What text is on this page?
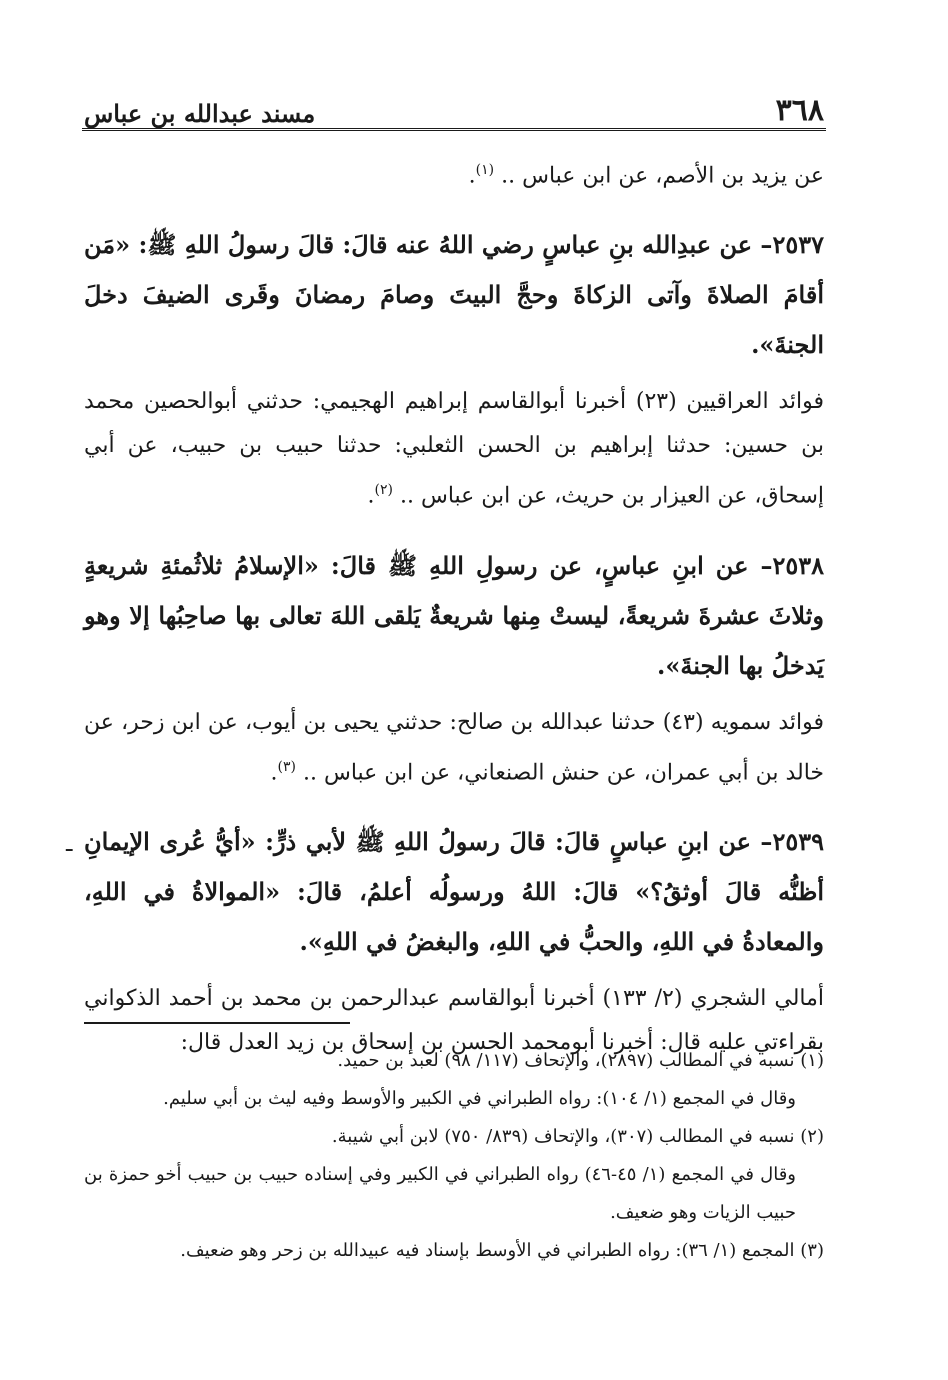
٣٦٨
مسند عبدالله بن عباس

عن يزيد بن الأصم، عن ابن عباس .. $^{(١)}$.

٢٥٣٧– عن عبدِالله بنِ عباسٍ رضي اللهُ عنه قالَ: قالَ رسولُ اللهِ ﷺ: «مَن أقامَ الصلاةَ وآتى الزكاةَ وحجَّ البيتَ وصامَ رمضانَ وقَرى الضيفَ دخلَ الجنةَ».

فوائد العراقيين (٢٣) أخبرنا أبوالقاسم إبراهيم الهجيمي: حدثني أبوالحصين محمد بن حسين: حدثنا إبراهيم بن الحسن الثعلبي: حدثنا حبيب بن حبيب، عن أبي إسحاق، عن العيزار بن حريث، عن ابن عباس .. $^{(٢)}$.

٢٥٣٨– عن ابنِ عباسٍ، عن رسولِ اللهِ ﷺ قالَ: «الإسلامُ ثلاثُمئةِ شريعةٍ وثلاثَ عشرةَ شريعةً، ليستْ مِنها شريعةٌ يَلقى اللهَ تعالى بها صاحِبُها إلا وهو يَدخلُ بها الجنةَ».

فوائد سمويه (٤٣) حدثنا عبدالله بن صالح: حدثني يحيى بن أيوب، عن ابن زحر، عن خالد بن أبي عمران، عن حنش الصنعاني، عن ابن عباس .. $^{(٣)}$.

٢٥٣٩– عن ابنِ عباسٍ قالَ: قالَ رسولُ اللهِ ﷺ لأبي ذرٍّ: «أيُّ عُرى الإيمانِ أظنُّه قالَ أوثقُ؟» قالَ: اللهُ ورسولُه أعلمُ، قالَ: «الموالاةُ في اللهِ، والمعادةُ في اللهِ، والحبُّ في اللهِ، والبغضُ في اللهِ».

أمالي الشجري (٢/ ١٣٣) أخبرنا أبوالقاسم عبدالرحمن بن محمد بن أحمد الذكواني بقراءتي عليه قال: أخبرنا أبومحمد الحسن بن إسحاق بن زيد العدل قال:

ـ

(١) نسبه في المطالب (٢٨٩٧)، والإتحاف (١١٧/ ٩٨) لعبد بن حميد.

وقال في المجمع (١/ ١٠٤): رواه الطبراني في الكبير والأوسط وفيه ليث بن أبي سليم.

(٢) نسبه في المطالب (٣٠٧)، والإتحاف (٨٣٩/ ٧٥٠) لابن أبي شيبة.

وقال في المجمع (١/ ٤٥-٤٦) رواه الطبراني في الكبير وفي إسناده حبيب بن حبيب أخو حمزة بن حبيب الزيات وهو ضعيف.

(٣) المجمع (١/ ٣٦): رواه الطبراني في الأوسط بإسناد فيه عبيدالله بن زحر وهو ضعيف.
